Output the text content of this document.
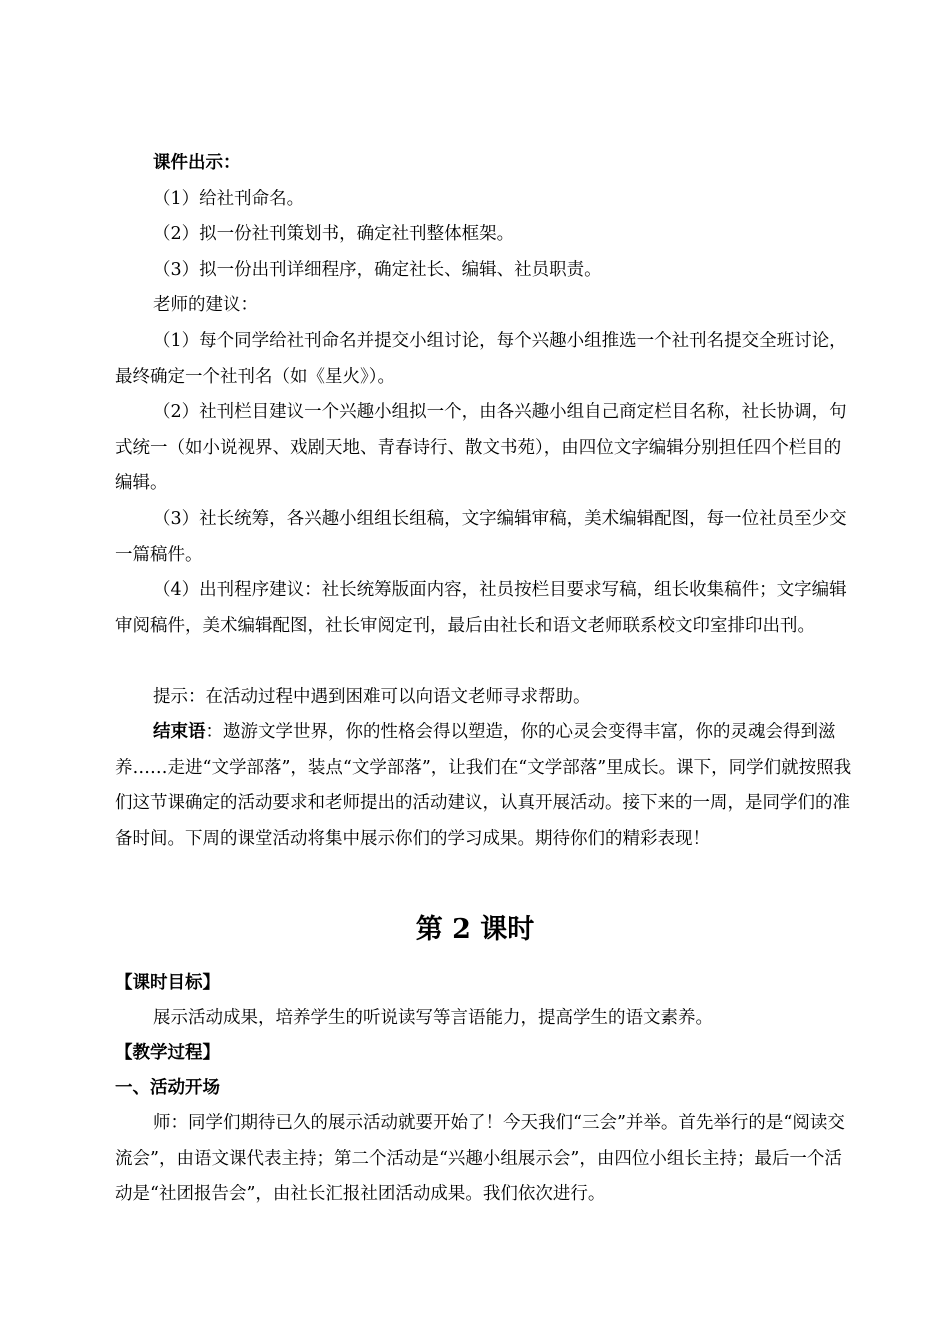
课件出示：
（1）给社刊命名。
（2）拟一份社刊策划书，确定社刊整体框架。
（3）拟一份出刊详细程序，确定社长、编辑、社员职责。
老师的建议：
（1）每个同学给社刊命名并提交小组讨论，每个兴趣小组推选一个社刊名提交全班讨论，最终确定一个社刊名（如《星火》）。
（2）社刊栏目建议一个兴趣小组拟一个，由各兴趣小组自己商定栏目名称，社长协调，句式统一（如小说视界、戏剧天地、青春诗行、散文书苑），由四位文字编辑分别担任四个栏目的编辑。
（3）社长统筹，各兴趣小组组长组稿，文字编辑审稿，美术编辑配图，每一位社员至少交一篇稿件。
（4）出刊程序建议：社长统筹版面内容，社员按栏目要求写稿，组长收集稿件；文字编辑审阅稿件，美术编辑配图，社长审阅定刊，最后由社长和语文老师联系校文印室排印出刊。
提示：在活动过程中遇到困难可以向语文老师寻求帮助。
结束语：遨游文学世界，你的性格会得以塑造，你的心灵会变得丰富，你的灵魂会得到滋养……走进“文学部落”，装点“文学部落”，让我们在“文学部落”里成长。课下，同学们就按照我们这节课确定的活动要求和老师提出的活动建议，认真开展活动。接下来的一周，是同学们的准备时间。下周的课堂活动将集中展示你们的学习成果。期待你们的精彩表现！
第 2 课时
【课时目标】
展示活动成果，培养学生的听说读写等言语能力，提高学生的语文素养。
【教学过程】
一、活动开场
师：同学们期待已久的展示活动就要开始了！今天我们“三会”并举。首先举行的是“阅读交流会”，由语文课代表主持；第二个活动是“兴趣小组展示会”，由四位小组长主持；最后一个活动是“社团报告会”，由社长汇报社团活动成果。我们依次进行。
